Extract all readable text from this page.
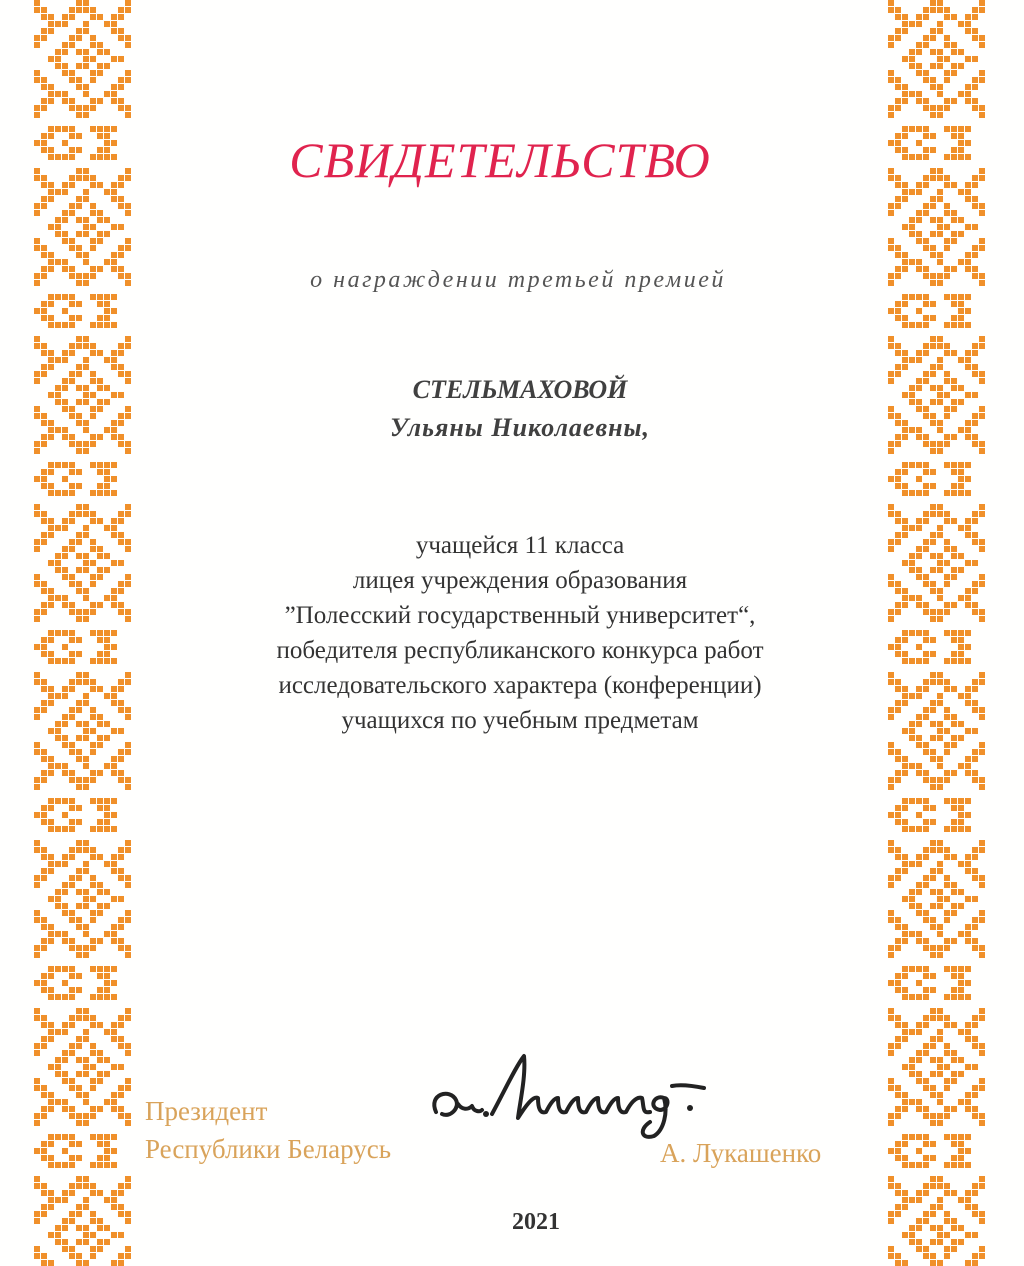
СВИДЕТЕЛЬСТВО
о награждении третьей премией
СТЕЛЬМАХОВОЙ
Ульяны Николаевны,
учащейся 11 класса
лицея учреждения образования
”Полесский государственный университет“,
победителя республиканского конкурса работ
исследовательского характера (конференции)
учащихся по учебным предметам
Президент
Республики Беларусь	А. Лукашенко
2021
